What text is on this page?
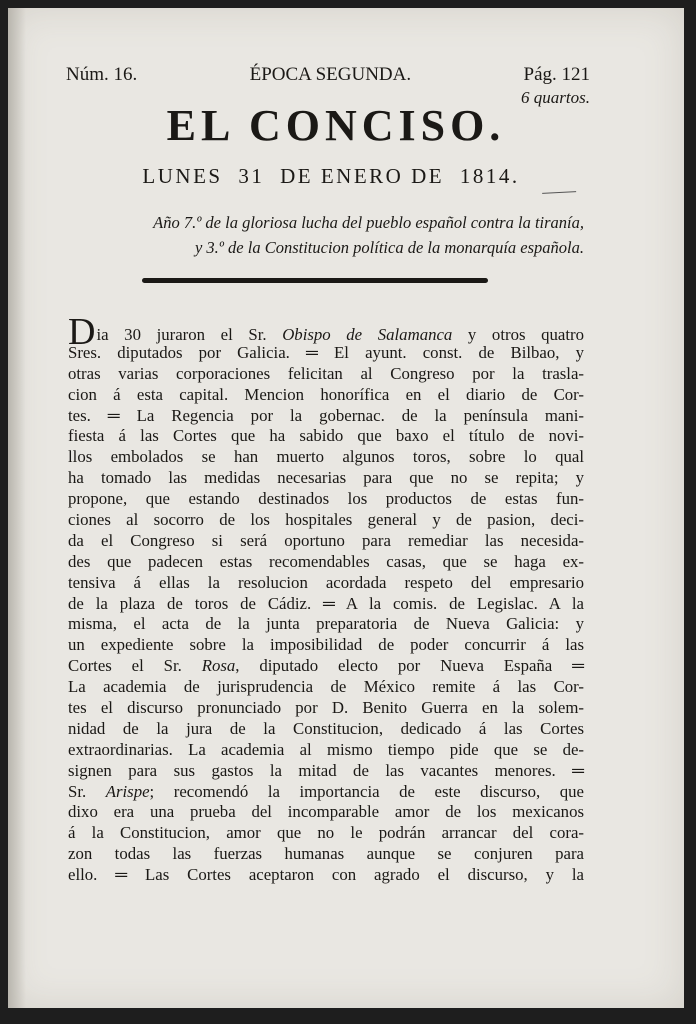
Núm. 16.	ÉPOCA SEGUNDA.	Pág. 121
6 quartos.
EL CONCISO.
LUNES 31 DE ENERO DE 1814.
Año 7.º de la gloriosa lucha del pueblo español contra la tiranía,
y 3.º de la Constitucion política de la monarquía española.
Dia 30 juraron el Sr. Obispo de Salamanca y otros quatro
Sres. diputados por Galicia. ═ El ayunt. const. de Bilbao, y
otras varias corporaciones felicitan al Congreso por la trasla-
cion á esta capital. Mencion honorífica en el diario de Cor-
tes. ═ La Regencia por la gobernac. de la península mani-
fiesta á las Cortes que ha sabido que baxo el título de novi-
llos embolados se han muerto algunos toros, sobre lo qual
ha tomado las medidas necesarias para que no se repita; y
propone, que estando destinados los productos de estas fun-
ciones al socorro de los hospitales general y de pasion, deci-
da el Congreso si será oportuno para remediar las necesida-
des que padecen estas recomendables casas, que se haga ex-
tensiva á ellas la resolucion acordada respeto del empresario
de la plaza de toros de Cádiz. ═ A la comis. de Legislac. A la
misma, el acta de la junta preparatoria de Nueva Galicia: y
un expediente sobre la imposibilidad de poder concurrir á las
Cortes el Sr. Rosa, diputado electo por Nueva España ═
La academia de jurisprudencia de México remite á las Cor-
tes el discurso pronunciado por D. Benito Guerra en la solem-
nidad de la jura de la Constitucion, dedicado á las Cortes
extraordinarias. La academia al mismo tiempo pide que se de-
signen para sus gastos la mitad de las vacantes menores. ═
Sr. Arispe; recomendó la importancia de este discurso, que
dixo era una prueba del incomparable amor de los mexicanos
á la Constitucion, amor que no le podrán arrancar del cora-
zon todas las fuerzas humanas aunque se conjuren para
ello. ═ Las Cortes aceptaron con agrado el discurso, y la
